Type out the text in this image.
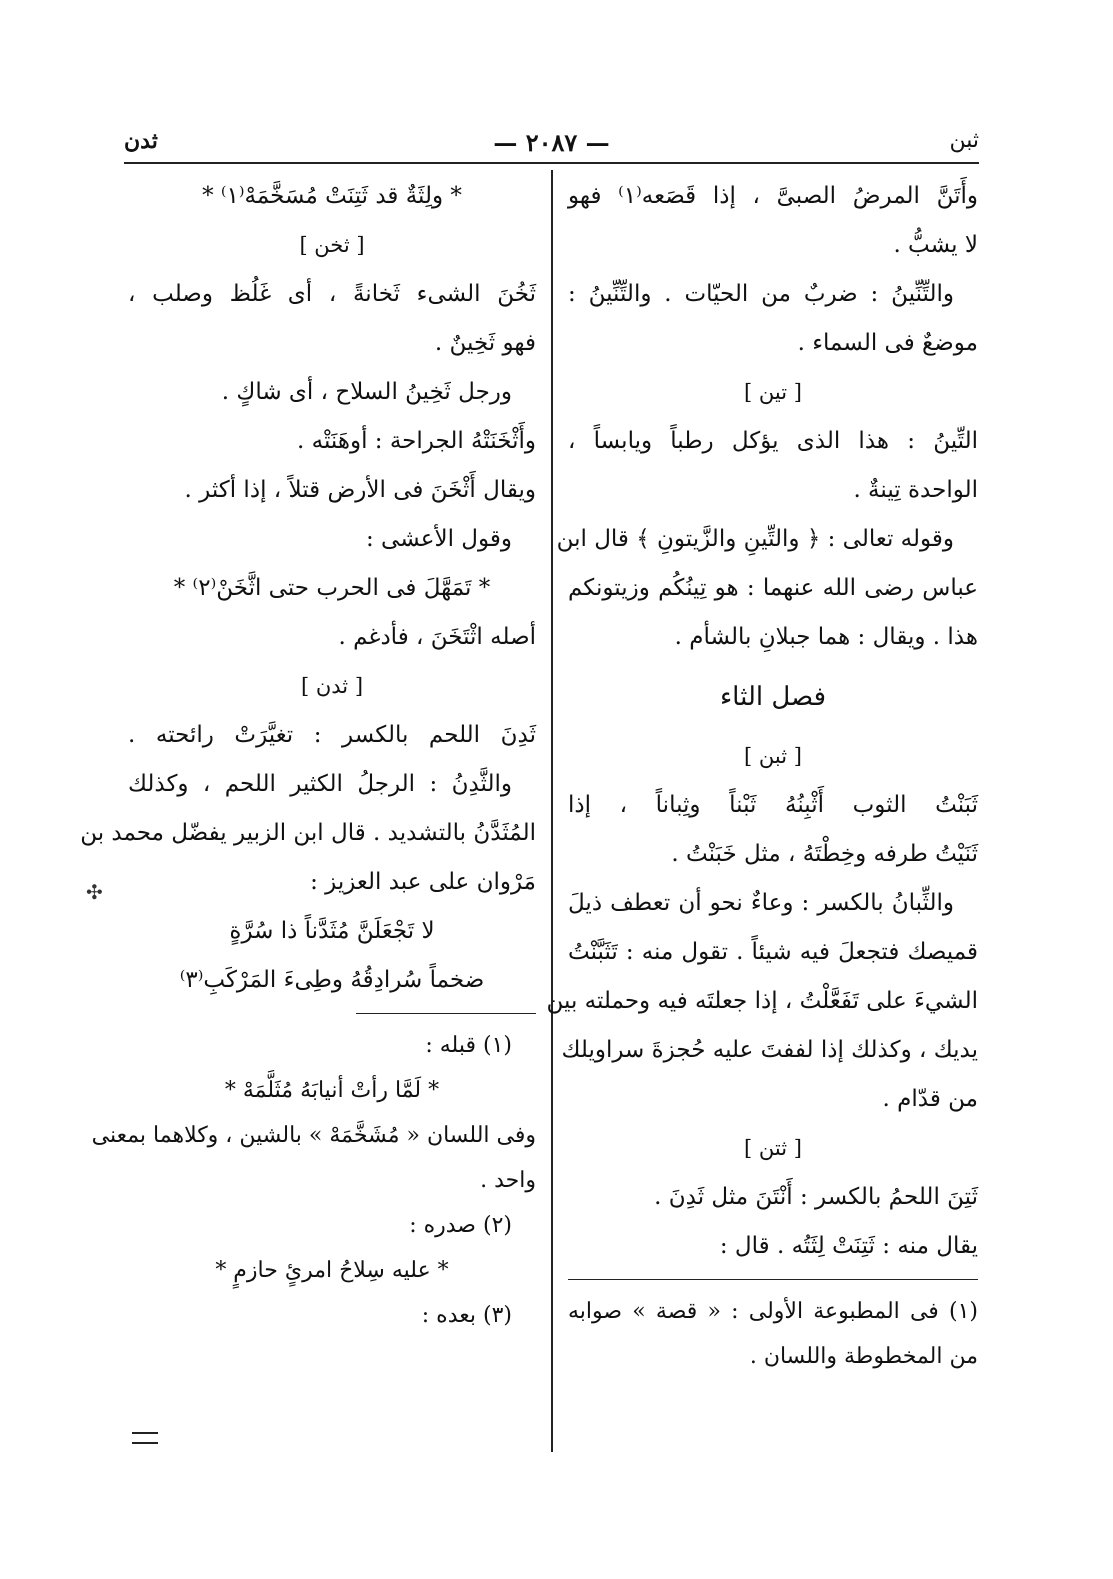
ثبن
— ٢٠٨٧ —
ثدن
وأَتَنَّ المرضُ الصبىَّ ، إذا قَصَعه⁽١⁾ فهو
لا يشبُّ .
والتِّنِّينُ : ضربٌ من الحيّات . والتِّنِّينُ :
موضعٌ فى السماء .
[ تين ]
التِّينُ : هذا الذى يؤكل رطباً ويابساً ،
الواحدة تِينةٌ .
وقوله تعالى : ﴿ والتِّينِ والزَّيتونِ ﴾ قال ابن
عباس رضى الله عنهما : هو تِينُكُم وزيتونكم
هذا . ويقال : هما جبلانِ بالشأم .
فصل الثاء
[ ثبن ]
ثَبَنْتُ الثوب أَثْبِنُهُ ثَبْناً وثِباناً ، إذا
ثَنَيْتُ طرفه وخِطْتَهُ ، مثل خَبَنْتُ .
والثِّبانُ بالكسر : وعاءٌ نحو أن تعطف ذيلَ
قميصك فتجعلَ فيه شيئاً . تقول منه : تَثَبَّنْتُ
الشيءَ على تَفَعَّلْتُ ، إذا جعلتَه فيه وحملته بين
يديك ، وكذلك إذا لففتَ عليه حُجزةَ سراويلك
من قدّام .
[ ثتن ]
ثَتِنَ اللحمُ بالكسر : أَنْتَنَ مثل ثَدِنَ .
يقال منه : ثَتِنَتْ لِثَتُه . قال :
(١) فى المطبوعة الأولى : « قصة » صوابه
من المخطوطة واللسان .
* ولِثَةٌ قد ثَتِنَتْ مُسَخَّمَهْ⁽١⁾ *
[ ثخن ]
ثَخُنَ الشىء ثَخانةً ، أى غَلُظ وصلب ،
فهو ثَخِينٌ .
ورجل ثَخِينُ السلاح ، أى شاكٍ .
وأَثْخَنَتْهُ الجراحة : أوهَنَتْه .
ويقال أَثْخَنَ فى الأرض قتلاً ، إذا أكثر .
وقول الأعشى :
* تَمَهَّلَ فى الحرب حتى اثَّخَنْ⁽٢⁾ *
أصله اثْتَخَنَ ، فأدغم .
[ ثدن ]
ثَدِنَ اللحم بالكسر : تغيَّرَتْ رائحته .
والثَّدِنُ : الرجلُ الكثير اللحم ، وكذلك
المُثَدَّنُ بالتشديد . قال ابن الزبير يفضّل محمد بن
مَرْوان على عبد العزيز :
لا تَجْعَلَنَّ مُثَدَّناً ذا سُرَّةٍ
ضخماً سُرادِقُهُ وطِىءَ المَرْكَبِ⁽٣⁾
(١) قبله :
* لَمَّا رأتْ أنيابَهُ مُثَلَّمَهْ *
وفى اللسان « مُشَخَّمَهْ » بالشين ، وكلاهما بمعنى
واحد .
(٢) صدره :
* عليه سِلاحُ امرئٍ حازمٍ *
(٣) بعده :
✣
